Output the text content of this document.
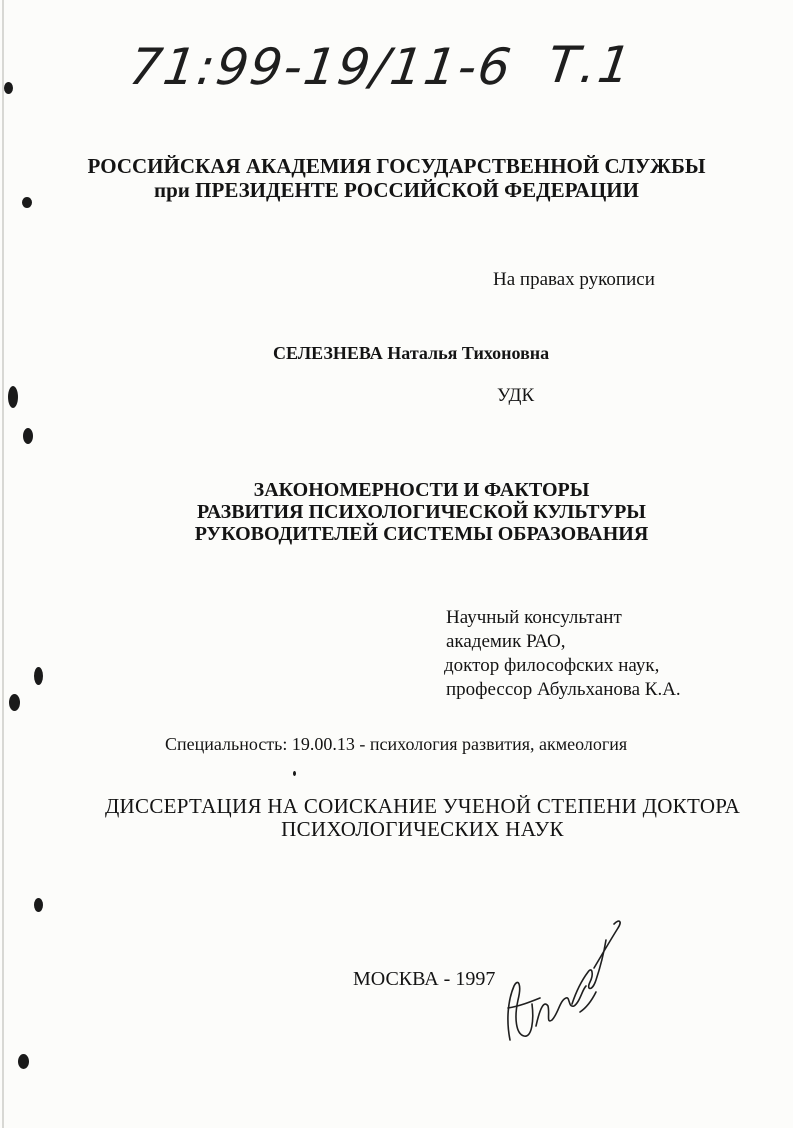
71:99-19/11-6 Т.1
РОССИЙСКАЯ АКАДЕМИЯ ГОСУДАРСТВЕННОЙ СЛУЖБЫ
при ПРЕЗИДЕНТЕ РОССИЙСКОЙ ФЕДЕРАЦИИ
На правах рукописи
СЕЛЕЗНЕВА Наталья Тихоновна
УДК
ЗАКОНОМЕРНОСТИ И ФАКТОРЫ
РАЗВИТИЯ ПСИХОЛОГИЧЕСКОЙ КУЛЬТУРЫ
РУКОВОДИТЕЛЕЙ СИСТЕМЫ ОБРАЗОВАНИЯ
Научный консультант
академик РАО,
доктор философских наук,
профессор Абульханова К.А.
Специальность: 19.00.13 - психология развития, акмеология
ДИССЕРТАЦИЯ НА СОИСКАНИЕ УЧЕНОЙ СТЕПЕНИ ДОКТОРА
ПСИХОЛОГИЧЕСКИХ НАУК
МОСКВА - 1997
